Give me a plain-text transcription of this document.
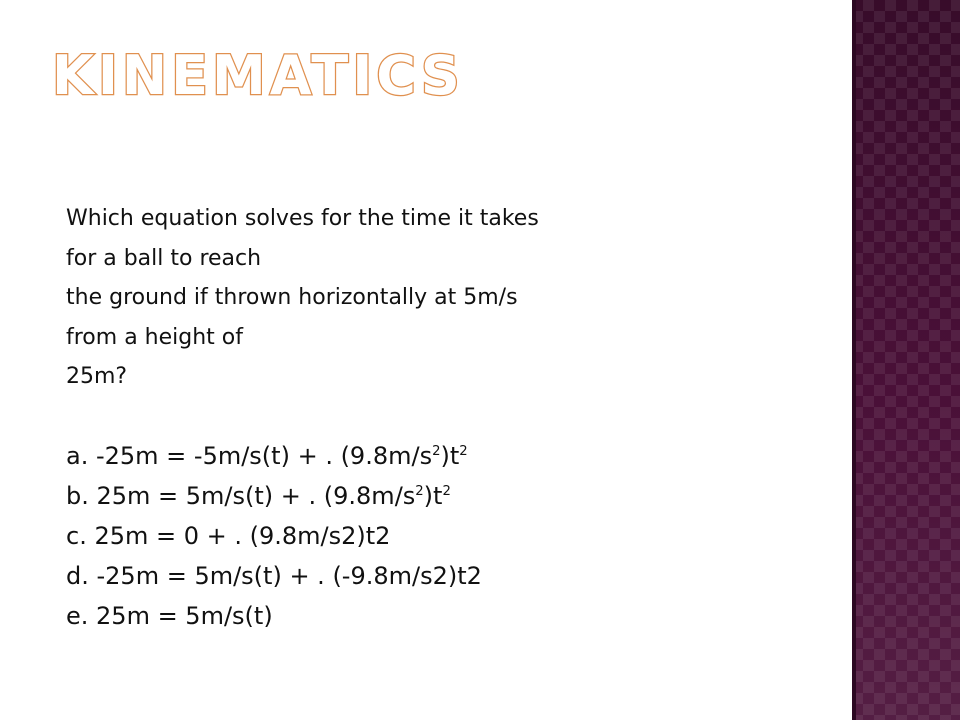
KINEMATICS

Which equation solves for the time it takes

for a ball to reach

the ground if thrown horizontally at 5m/s

from a height of

25m?

a. -25m = -5m/s(t) + . $(9.8m/s^2)t^2$

b. 25m = 5m/s(t) + . $(9.8m/s^2)t^2$

c. 25m = 0 + . (9.8m/s2)t2

d. -25m = 5m/s(t) + . (-9.8m/s2)t2

e. 25m = 5m/s(t)
